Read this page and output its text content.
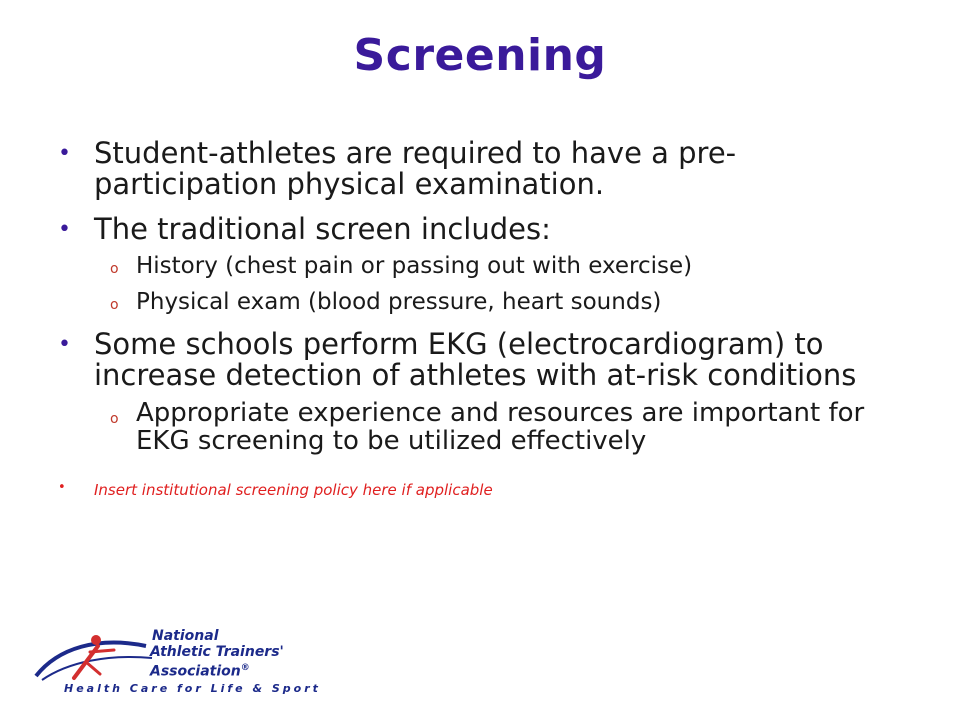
Screening
• Student-athletes are required to have a pre-participation physical examination.
• The traditional screen includes:
o History (chest pain or passing out with exercise)
o Physical exam (blood pressure, heart sounds)
• Some schools perform EKG (electrocardiogram) to increase detection of athletes with at-risk conditions
o Appropriate experience and resources are important for EKG screening to be utilized effectively
• Insert institutional screening policy here if applicable
National
Athletic Trainers'
Association®
Health Care for Life & Sport
